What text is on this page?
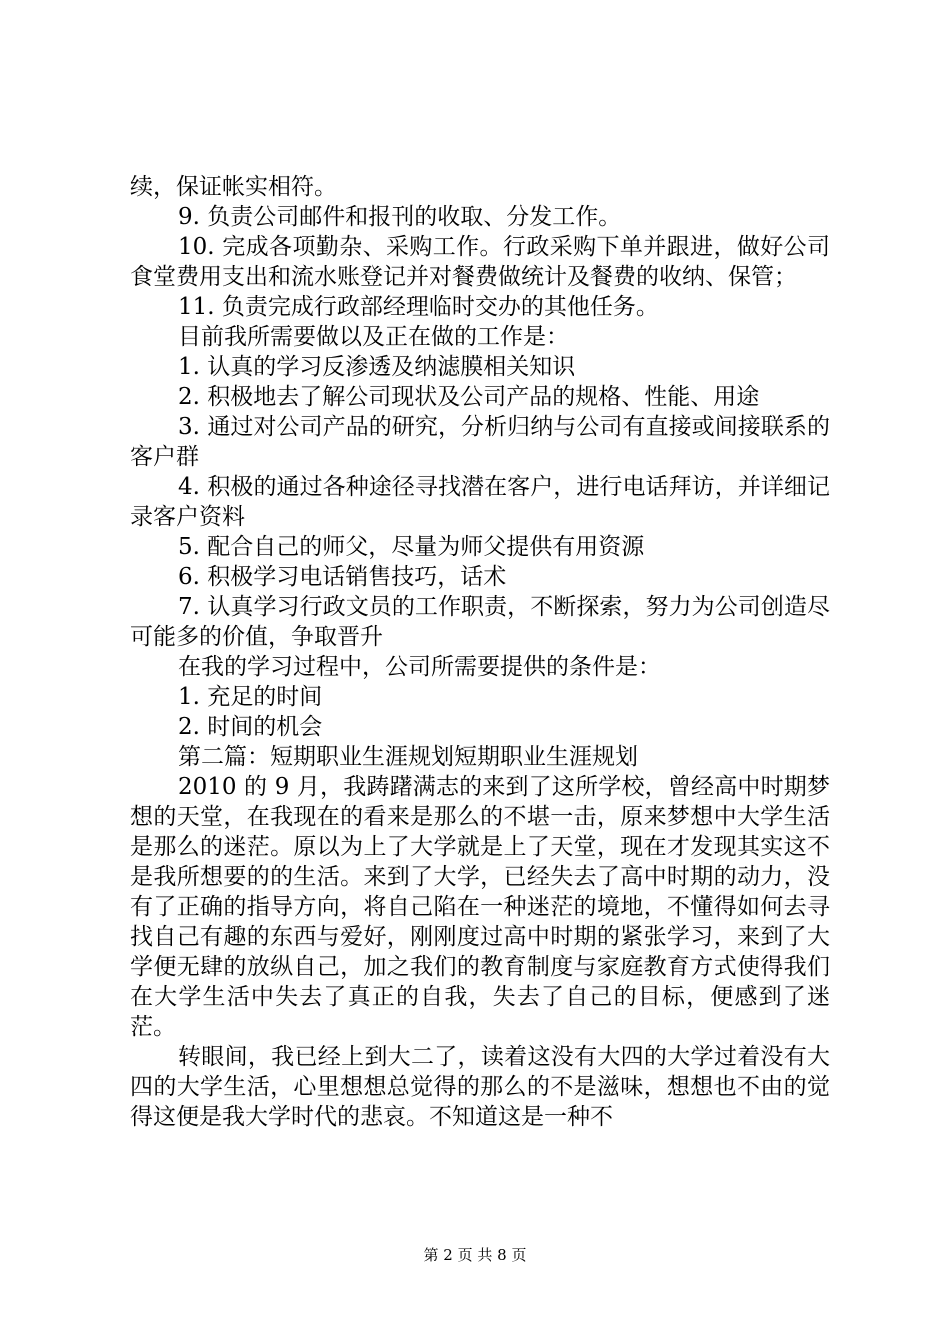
续，保证帐实相符。

9. 负责公司邮件和报刊的收取、分发工作。

10. 完成各项勤杂、采购工作。行政采购下单并跟进，做好公司食堂费用支出和流水账登记并对餐费做统计及餐费的收纳、保管；

11. 负责完成行政部经理临时交办的其他任务。

目前我所需要做以及正在做的工作是：

1. 认真的学习反渗透及纳滤膜相关知识

2. 积极地去了解公司现状及公司产品的规格、性能、用途

3. 通过对公司产品的研究，分析归纳与公司有直接或间接联系的客户群

4. 积极的通过各种途径寻找潜在客户，进行电话拜访，并详细记录客户资料

5. 配合自己的师父，尽量为师父提供有用资源

6. 积极学习电话销售技巧，话术

7. 认真学习行政文员的工作职责，不断探索，努力为公司创造尽可能多的价值，争取晋升

在我的学习过程中，公司所需要提供的条件是：

1. 充足的时间

2. 时间的机会

第二篇：短期职业生涯规划短期职业生涯规划

2010 的 9 月，我踌躇满志的来到了这所学校，曾经高中时期梦想的天堂，在我现在的看来是那么的不堪一击，原来梦想中大学生活是那么的迷茫。原以为上了大学就是上了天堂，现在才发现其实这不是我所想要的的生活。来到了大学，已经失去了高中时期的动力，没有了正确的指导方向，将自己陷在一种迷茫的境地，不懂得如何去寻找自己有趣的东西与爱好，刚刚度过高中时期的紧张学习，来到了大学便无肆的放纵自己，加之我们的教育制度与家庭教育方式使得我们在大学生活中失去了真正的自我，失去了自己的目标，便感到了迷茫。

转眼间，我已经上到大二了，读着这没有大四的大学过着没有大四的大学生活，心里想想总觉得的那么的不是滋味，想想也不由的觉得这便是我大学时代的悲哀。不知道这是一种不

第 2 页 共 8 页
